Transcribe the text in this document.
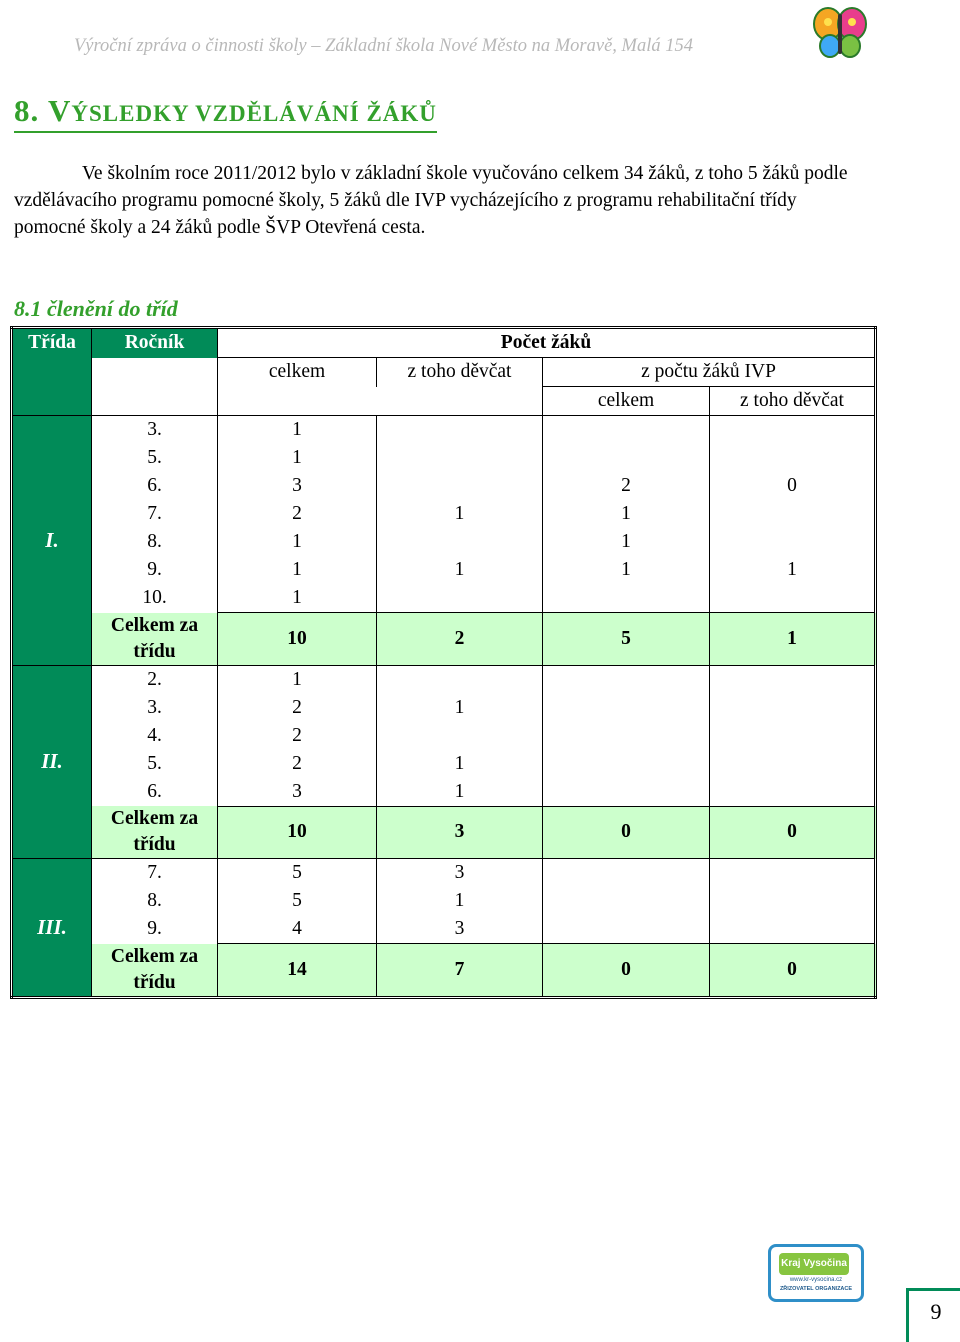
Výroční zpráva o činnosti školy – Základní škola Nové Město na Moravě, Malá 154
8. VÝSLEDKY VZDĚLÁVÁNÍ ŽÁKŮ

Ve školním roce 2011/2012 bylo v základní škole vyučováno celkem 34 žáků, z toho 5 žáků podle vzdělávacího programu pomocné školy, 5 žáků dle IVP vycházejícího z programu rehabilitační třídy pomocné školy a 24 žáků podle ŠVP Otevřená cesta.

8.1 členění do tříd
Třída	Ročník	Počet žáků			
		celkem	z toho děvčat	z počtu žáků IVP	
				celkem	z toho děvčat
I.	3.	1			
	5.	1			
	6.	3		2	0
	7.	2	1	1	
	8.	1		1	
	9.	1	1	1	1
	10.	1			
	Celkem za třídu	10	2	5	1
II.	2.	1			
	3.	2	1		
	4.	2			
	5.	2	1		
	6.	3	1		
	Celkem za třídu	10	3	0	0
III.	7.	5	3		
	8.	5	1		
	9.	4	3		
	Celkem za třídu	14	7	0	0
Kraj Vysočina
www.kr-vysocina.cz
ZŘIZOVATEL ORGANIZACE
9
